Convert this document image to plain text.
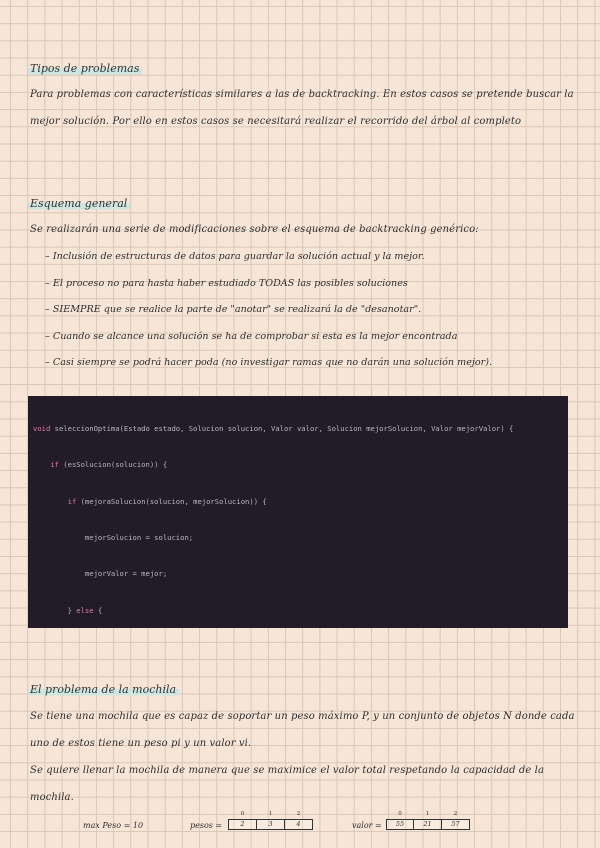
Tipos de problemas
Para problemas con características similares a las de backtracking. En estos casos se pretende buscar la mejor solución. Por ello en estos casos se necesitará realizar el recorrido del árbol al completo
Esquema general
Se realizarán una serie de modificaciones sobre el esquema de backtracking genérico:
– Inclusión de estructuras de datos para guardar la solución actual y la mejor.
– El proceso no para hasta haber estudiado TODAS las posibles soluciones
– SIEMPRE que se realice la parte de "anotar" se realizará la de "desanotar".
– Cuando se alcance una solución se ha de comprobar si esta es la mejor encontrada
– Casi siempre se podrá hacer poda (no investigar ramas que no darán una solución mejor).

void seleccionOptima(Estado estado, Solucion solucion, Valor valor, Solucion mejorSolucion, Valor mejorValor) {

if (esSolucion(solucion)) {

if (mejoraSolucion(solucion, mejorSolucion)) {

mejorSolucion = solucion;

mejorValor = mejor;

} else {

El problema de la mochila
Se tiene una mochila que es capaz de soportar un peso máximo P, y un conjunto de objetos N donde cada uno de estos tiene un peso pi y un valor vi.
Se quiere llenar la mochila de manera que se maximice el valor total respetando la capacidad de la mochila.
max Peso = 10	pesos =
0
2
1
3
2
4	valor =
0
55
1
21
2
57
